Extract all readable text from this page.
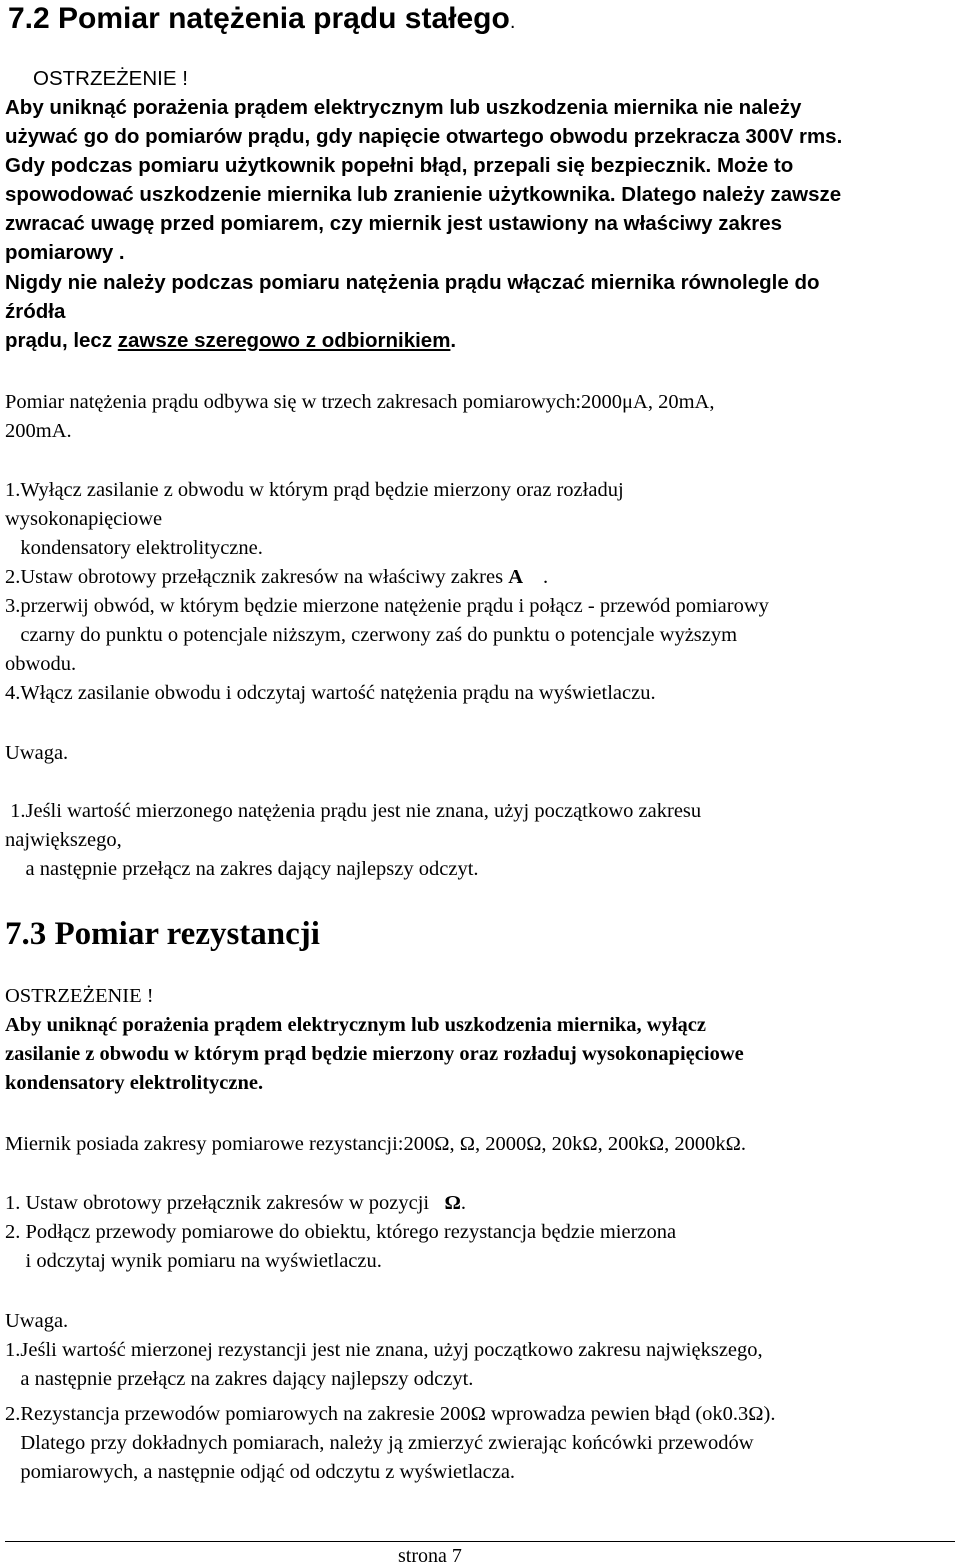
7.2 Pomiar natężenia prądu stałego.
OSTRZEŻENIE !
Aby uniknąć porażenia prądem elektrycznym lub uszkodzenia miernika nie należy
używać go do pomiarów prądu, gdy napięcie otwartego obwodu przekracza 300V rms.
Gdy podczas pomiaru użytkownik popełni błąd, przepali się bezpiecznik. Może to
spowodować uszkodzenie miernika lub zranienie użytkownika. Dlatego należy zawsze
zwracać uwagę przed pomiarem, czy miernik jest ustawiony na właściwy zakres
pomiarowy .
Nigdy nie należy podczas pomiaru natężenia prądu włączać miernika równolegle do
źródła
prądu, lecz zawsze szeregowo z odbiornikiem.
Pomiar natężenia prądu odbywa się w trzech zakresach pomiarowych:2000μA, 20mA,
200mA.
1.Wyłącz zasilanie z obwodu w którym prąd będzie mierzony oraz rozładuj
wysokonapięciowe
kondensatory elektrolityczne.
2.Ustaw obrotowy przełącznik zakresów na właściwy zakres A .
3.przerwij obwód, w którym będzie mierzone natężenie prądu i połącz - przewód pomiarowy
czarny do punktu o potencjale niższym, czerwony zaś do punktu o potencjale wyższym
obwodu.
4.Włącz zasilanie obwodu i odczytaj wartość natężenia prądu na wyświetlaczu.
Uwaga.
1.Jeśli wartość mierzonego natężenia prądu jest nie znana, użyj początkowo zakresu
największego,
a następnie przełącz na zakres dający najlepszy odczyt.
7.3 Pomiar rezystancji
OSTRZEŻENIE !
Aby uniknąć porażenia prądem elektrycznym lub uszkodzenia miernika, wyłącz
zasilanie z obwodu w którym prąd będzie mierzony oraz rozładuj wysokonapięciowe
kondensatory elektrolityczne.
Miernik posiada zakresy pomiarowe rezystancji:200Ω, Ω, 2000Ω, 20kΩ, 200kΩ, 2000kΩ.
1. Ustaw obrotowy przełącznik zakresów w pozycji   Ω.
2. Podłącz przewody pomiarowe do obiektu, którego rezystancja będzie mierzona
i odczytaj wynik pomiaru na wyświetlaczu.
Uwaga.
1.Jeśli wartość mierzonej rezystancji jest nie znana, użyj początkowo zakresu największego,
a następnie przełącz na zakres dający najlepszy odczyt.
2.Rezystancja przewodów pomiarowych na zakresie 200Ω wprowadza pewien błąd (ok0.3Ω).
Dlatego przy dokładnych pomiarach, należy ją zmierzyć zwierając końcówki przewodów
pomiarowych, a następnie odjąć od odczytu z wyświetlacza.
strona 7
